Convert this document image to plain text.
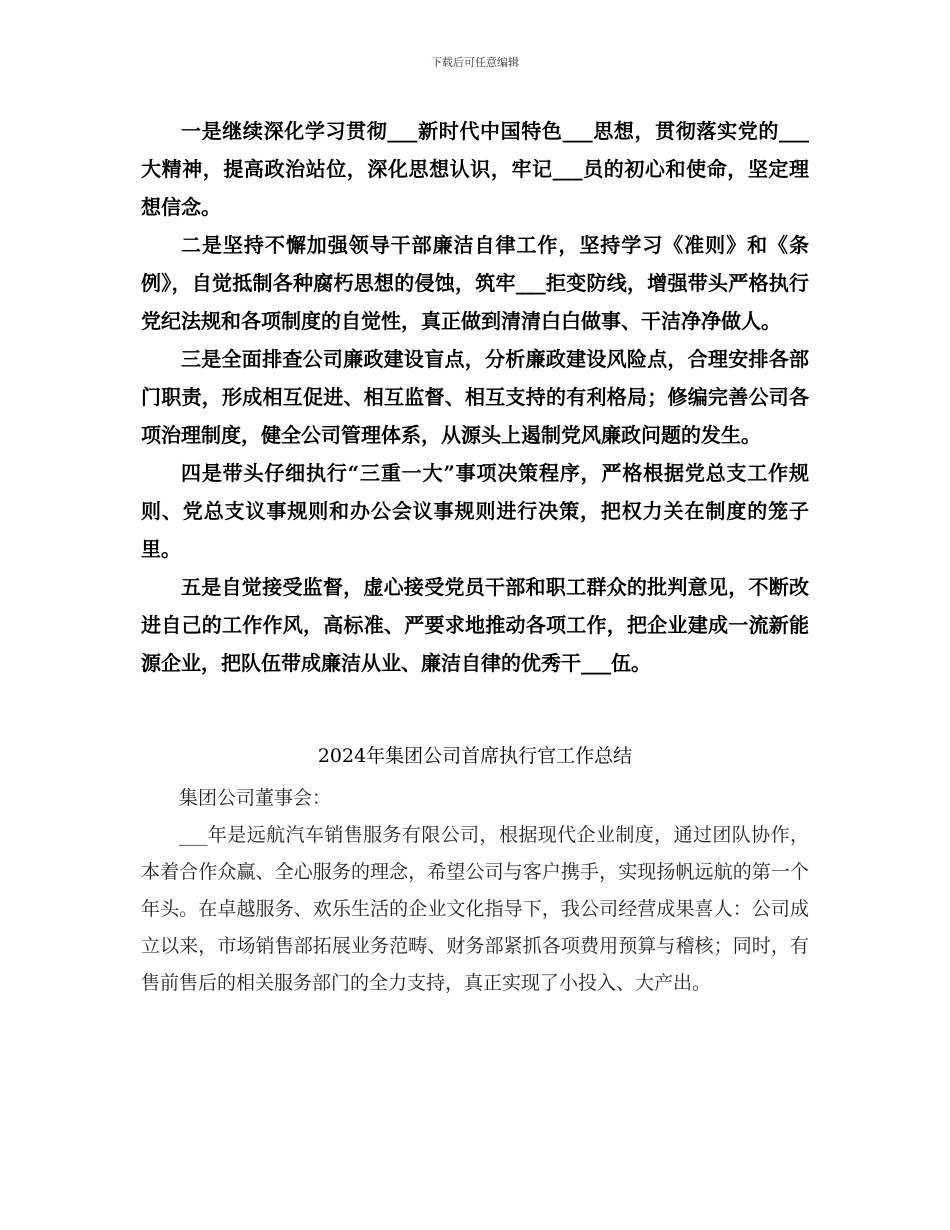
下载后可任意编辑

一是继续深化学习贯彻___新时代中国特色___思想，贯彻落实党的___大精神，提高政治站位，深化思想认识，牢记___员的初心和使命，坚定理想信念。

二是坚持不懈加强领导干部廉洁自律工作，坚持学习《准则》和《条例》，自觉抵制各种腐朽思想的侵蚀，筑牢___拒变防线，增强带头严格执行党纪法规和各项制度的自觉性，真正做到清清白白做事、干洁净净做人。

三是全面排查公司廉政建设盲点，分析廉政建设风险点，合理安排各部门职责，形成相互促进、相互监督、相互支持的有利格局；修编完善公司各项治理制度，健全公司管理体系，从源头上遏制党风廉政问题的发生。

四是带头仔细执行“三重一大”事项决策程序，严格根据党总支工作规则、党总支议事规则和办公会议事规则进行决策，把权力关在制度的笼子里。

五是自觉接受监督，虚心接受党员干部和职工群众的批判意见，不断改进自己的工作作风，高标准、严要求地推动各项工作，把企业建成一流新能源企业，把队伍带成廉洁从业、廉洁自律的优秀干___伍。

2024年集团公司首席执行官工作总结

集团公司董事会：

___年是远航汽车销售服务有限公司，根据现代企业制度，通过团队协作，本着合作众赢、全心服务的理念，希望公司与客户携手，实现扬帆远航的第一个年头。在卓越服务、欢乐生活的企业文化指导下，我公司经营成果喜人：公司成立以来，市场销售部拓展业务范畴、财务部紧抓各项费用预算与稽核；同时，有售前售后的相关服务部门的全力支持，真正实现了小投入、大产出。
